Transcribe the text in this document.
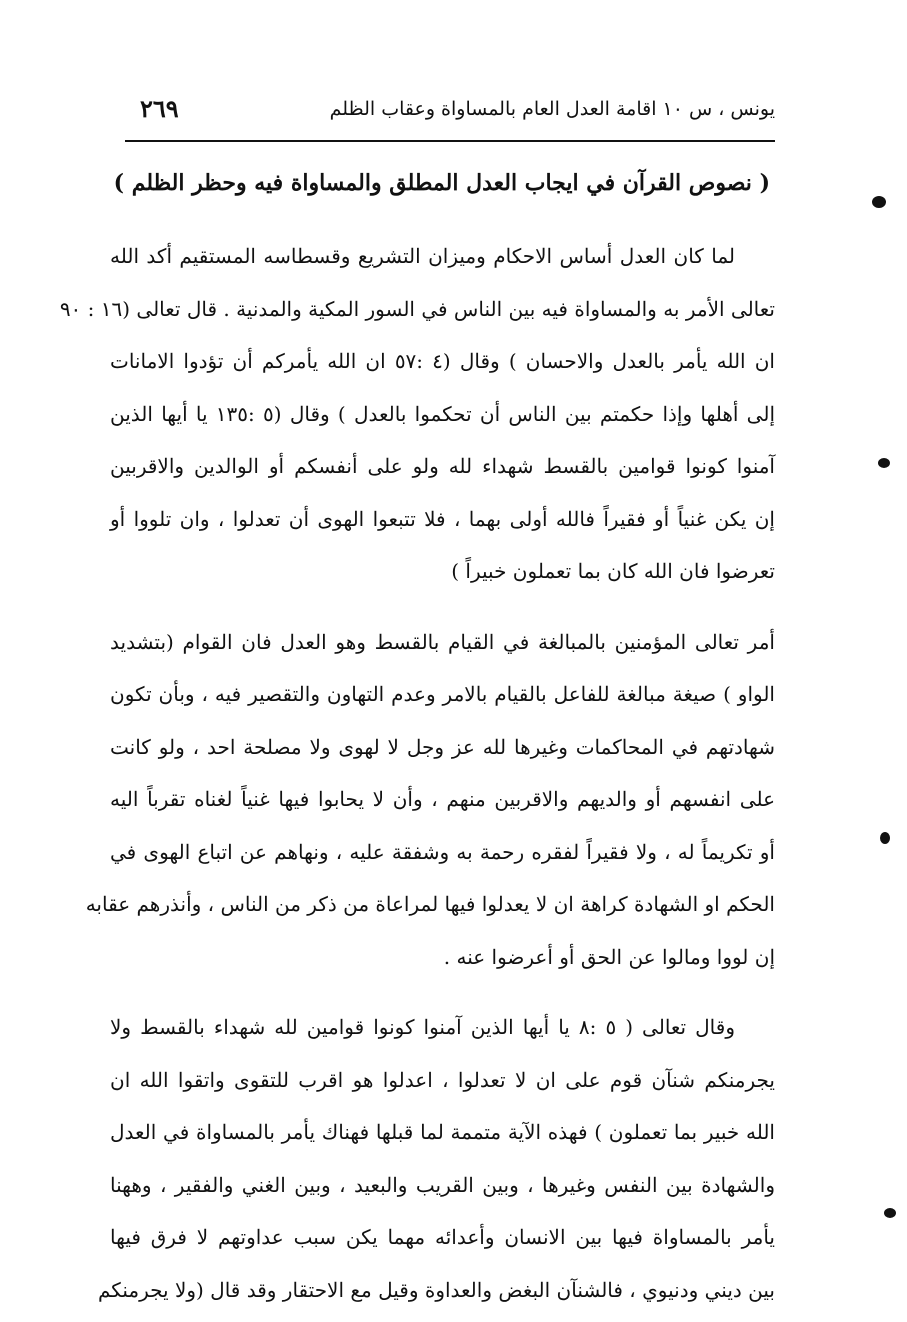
يونس ، س ١٠ اقامة العدل العام بالمساواة وعقاب الظلم
٢٦٩
( نصوص القرآن في ايجاب العدل المطلق والمساواة فيه وحظر الظلم )
لما كان العدل أساس الاحكام وميزان التشريع وقسطاسه المستقيم أكد الله
تعالى الأمر به والمساواة فيه بين الناس في السور المكية والمدنية . قال تعالى (١٦ : ٩٠
ان الله يأمر بالعدل والاحسان ) وقال (٤ :٥٧ ان الله يأمركم أن تؤدوا الامانات
إلى أهلها وإذا حكمتم بين الناس أن تحكموا بالعدل ) وقال (٥ :١٣٥ يا أيها الذين
آمنوا كونوا قوامين بالقسط شهداء لله ولو على أنفسكم أو الوالدين والاقربين
إن يكن غنياً أو فقيراً فالله أولى بهما ، فلا تتبعوا الهوى أن تعدلوا ، وان تلووا أو
تعرضوا فان الله كان بما تعملون خبيراً )
أمر تعالى المؤمنين بالمبالغة في القيام بالقسط وهو العدل فان القوام (بتشديد
الواو ) صيغة مبالغة للفاعل بالقيام بالامر وعدم التهاون والتقصير فيه ، وبأن تكون
شهادتهم في المحاكمات وغيرها لله عز وجل لا لهوى ولا مصلحة احد ، ولو كانت
على انفسهم أو والديهم والاقربين منهم ، وأن لا يحابوا فيها غنياً لغناه تقرباً اليه
أو تكريماً له ، ولا فقيراً لفقره رحمة به وشفقة عليه ، ونهاهم عن اتباع الهوى في
الحكم او الشهادة كراهة ان لا يعدلوا فيها لمراعاة من ذكر من الناس ، وأنذرهم عقابه
إن لووا ومالوا عن الحق أو أعرضوا عنه .
وقال تعالى ( ٥ :٨ يا أيها الذين آمنوا كونوا قوامين لله شهداء بالقسط ولا
يجرمنكم شنآن قوم على ان لا تعدلوا ، اعدلوا هو اقرب للتقوى واتقوا الله ان
الله خبير بما تعملون ) فهذه الآية متممة لما قبلها فهناك يأمر بالمساواة في العدل
والشهادة بين النفس وغيرها ، وبين القريب والبعيد ، وبين الغني والفقير ، وههنا
يأمر بالمساواة فيها بين الانسان وأعدائه مهما يكن سبب عداوتهم لا فرق فيها
بين ديني ودنيوي ، فالشنآن البغض والعداوة وقيل مع الاحتقار وقد قال (ولا يجرمنكم
